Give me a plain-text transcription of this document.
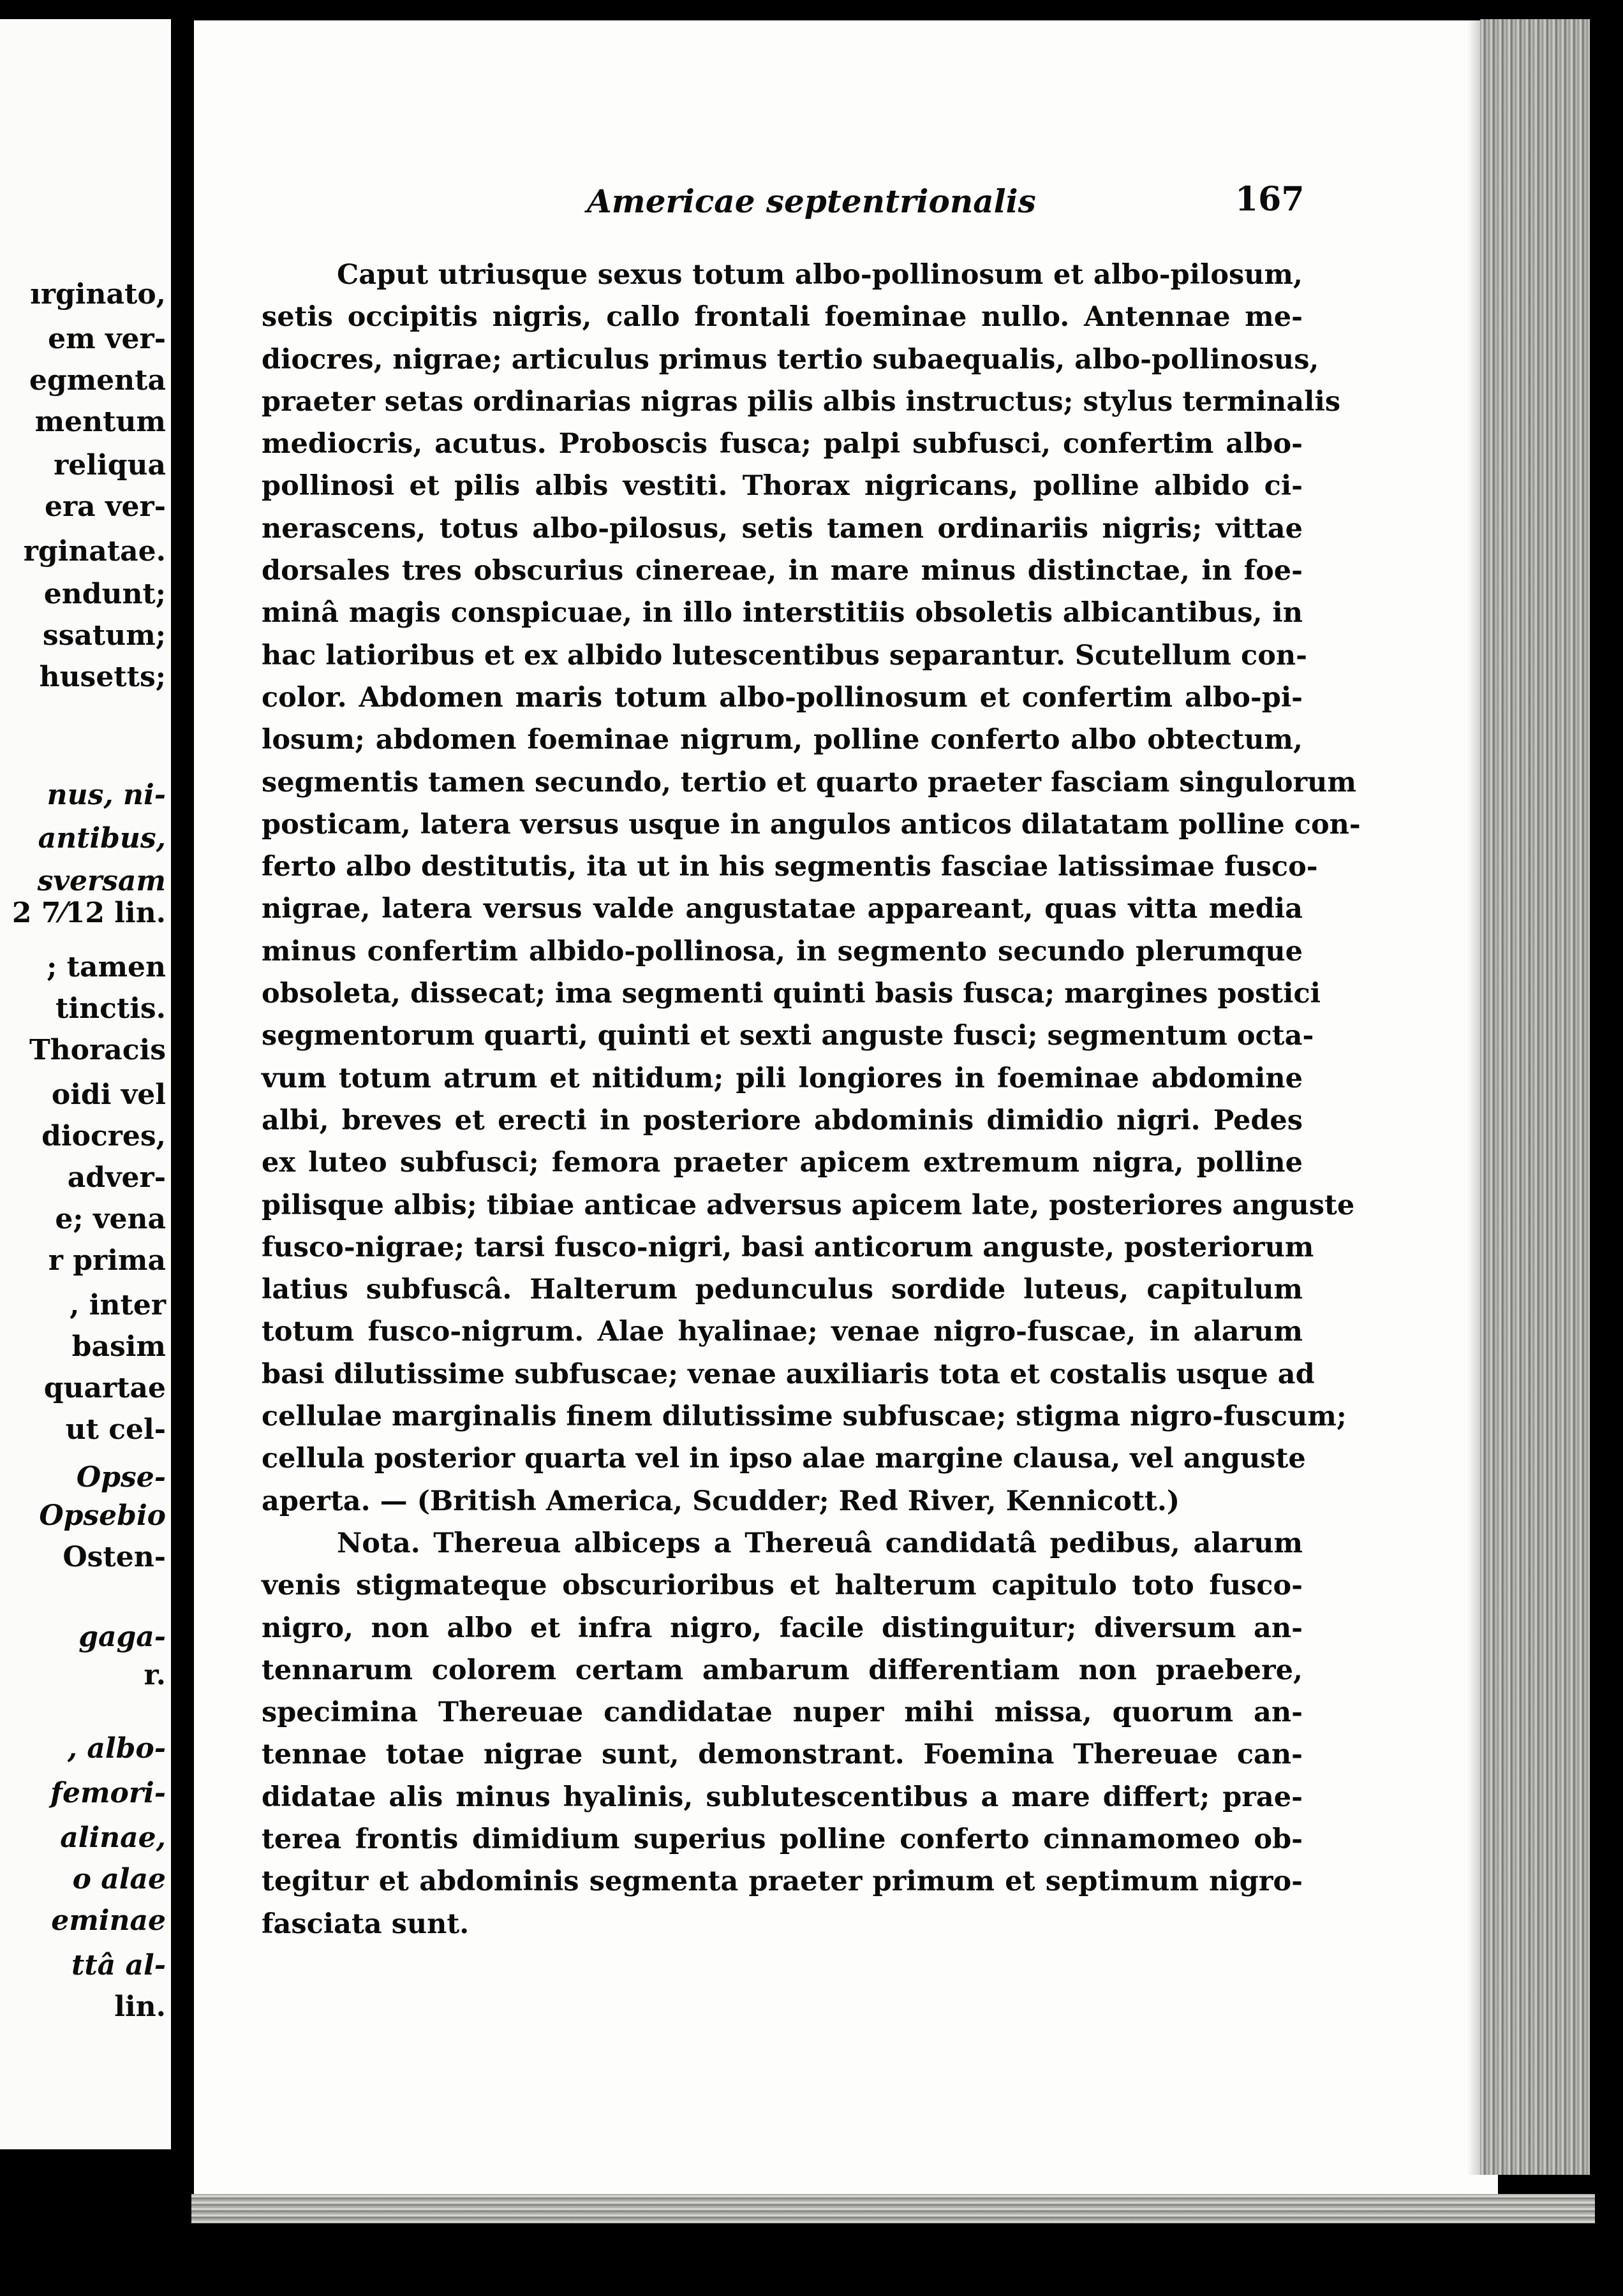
ırginato,
em ver-
egmenta
mentum
reliqua
era ver-
rginatae.
endunt;
ssatum;
husetts;
nus, ni-
antibus,
sversam
2 7⁄12 lin.
; tamen
tinctis.
Thoracis
oidi vel
diocres,
adver-
e; vena
r prima
, inter
basim
quartae
ut cel-
Opse-
Opsebio
Osten-
gaga-
r.
, albo-
femori-
alinae,
o alae
eminae
ttâ al-
lin.
Americae septentrionalis	167
Caput utriusque sexus totum albo-pollinosum et albo-pilosum,
setis occipitis nigris, callo frontali foeminae nullo. Antennae me-
diocres, nigrae; articulus primus tertio subaequalis, albo-pollinosus,
praeter setas ordinarias nigras pilis albis instructus; stylus terminalis
mediocris, acutus. Proboscis fusca; palpi subfusci, confertim albo-
pollinosi et pilis albis vestiti. Thorax nigricans, polline albido ci-
nerascens, totus albo-pilosus, setis tamen ordinariis nigris; vittae
dorsales tres obscurius cinereae, in mare minus distinctae, in foe-
minâ magis conspicuae, in illo interstitiis obsoletis albicantibus, in
hac latioribus et ex albido lutescentibus separantur. Scutellum con-
color. Abdomen maris totum albo-pollinosum et confertim albo-pi-
losum; abdomen foeminae nigrum, polline conferto albo obtectum,
segmentis tamen secundo, tertio et quarto praeter fasciam singulorum
posticam, latera versus usque in angulos anticos dilatatam polline con-
ferto albo destitutis, ita ut in his segmentis fasciae latissimae fusco-
nigrae, latera versus valde angustatae appareant, quas vitta media
minus confertim albido-pollinosa, in segmento secundo plerumque
obsoleta, dissecat; ima segmenti quinti basis fusca; margines postici
segmentorum quarti, quinti et sexti anguste fusci; segmentum octa-
vum totum atrum et nitidum; pili longiores in foeminae abdomine
albi, breves et erecti in posteriore abdominis dimidio nigri. Pedes
ex luteo subfusci; femora praeter apicem extremum nigra, polline
pilisque albis; tibiae anticae adversus apicem late, posteriores anguste
fusco-nigrae; tarsi fusco-nigri, basi anticorum anguste, posteriorum
latius subfuscâ. Halterum pedunculus sordide luteus, capitulum
totum fusco-nigrum. Alae hyalinae; venae nigro-fuscae, in alarum
basi dilutissime subfuscae; venae auxiliaris tota et costalis usque ad
cellulae marginalis finem dilutissime subfuscae; stigma nigro-fuscum;
cellula posterior quarta vel in ipso alae margine clausa, vel anguste
aperta. — (British America, Scudder; Red River, Kennicott.)
Nota. Thereua albiceps a Thereuâ candidatâ pedibus, alarum
venis stigmateque obscurioribus et halterum capitulo toto fusco-
nigro, non albo et infra nigro, facile distinguitur; diversum an-
tennarum colorem certam ambarum differentiam non praebere,
specimina Thereuae candidatae nuper mihi missa, quorum an-
tennae totae nigrae sunt, demonstrant. Foemina Thereuae can-
didatae alis minus hyalinis, sublutescentibus a mare differt; prae-
terea frontis dimidium superius polline conferto cinnamomeo ob-
tegitur et abdominis segmenta praeter primum et septimum nigro-
fasciata sunt.
